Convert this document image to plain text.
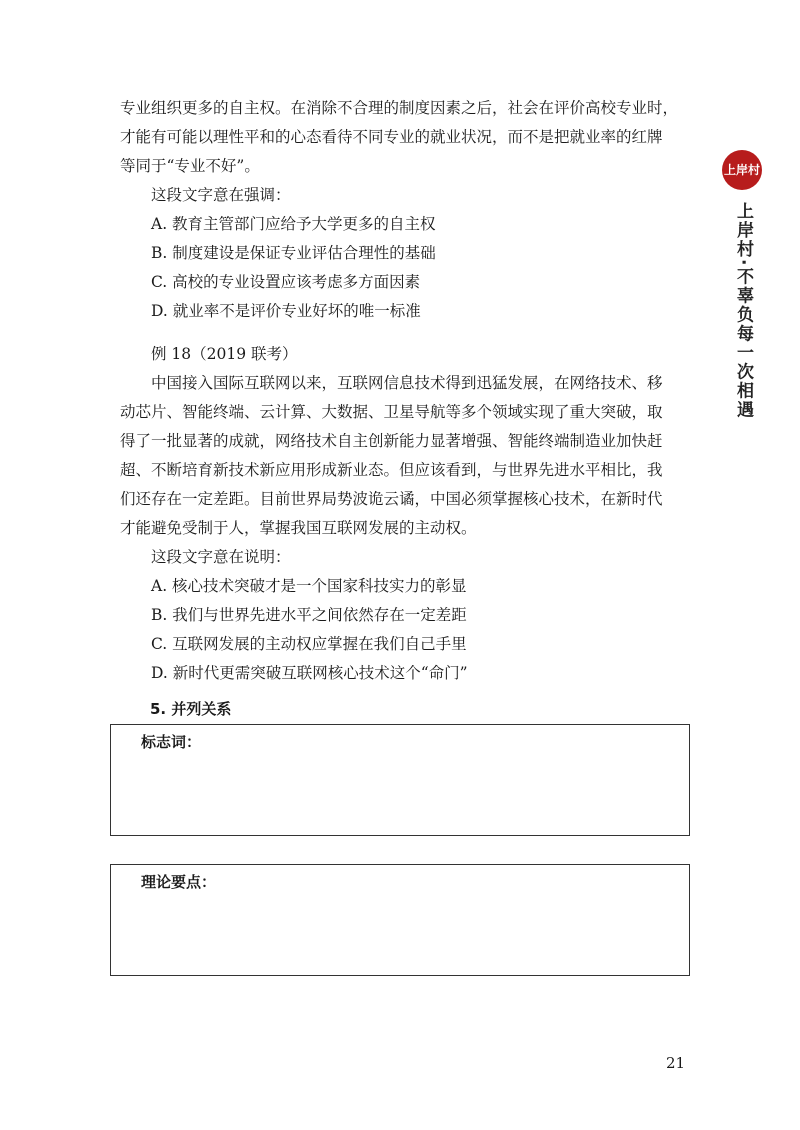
专业组织更多的自主权。在消除不合理的制度因素之后，社会在评价高校专业时，

才能有可能以理性平和的心态看待不同专业的就业状况，而不是把就业率的红牌

等同于“专业不好”。

这段文字意在强调：

A. 教育主管部门应给予大学更多的自主权

B. 制度建设是保证专业评估合理性的基础

C. 高校的专业设置应该考虑多方面因素

D. 就业率不是评价专业好坏的唯一标准

例 18（2019 联考）

中国接入国际互联网以来，互联网信息技术得到迅猛发展，在网络技术、移

动芯片、智能终端、云计算、大数据、卫星导航等多个领域实现了重大突破，取

得了一批显著的成就，网络技术自主创新能力显著增强、智能终端制造业加快赶

超、不断培育新技术新应用形成新业态。但应该看到，与世界先进水平相比，我

们还存在一定差距。目前世界局势波诡云谲，中国必须掌握核心技术，在新时代

才能避免受制于人，掌握我国互联网发展的主动权。

这段文字意在说明：

A. 核心技术突破才是一个国家科技实力的彰显

B. 我们与世界先进水平之间依然存在一定差距

C. 互联网发展的主动权应掌握在我们自己手里

D. 新时代更需突破互联网核心技术这个“命门”

5. 并列关系
标志词：
理论要点：
上岸村
上岸村·不辜负每一次相遇
21
